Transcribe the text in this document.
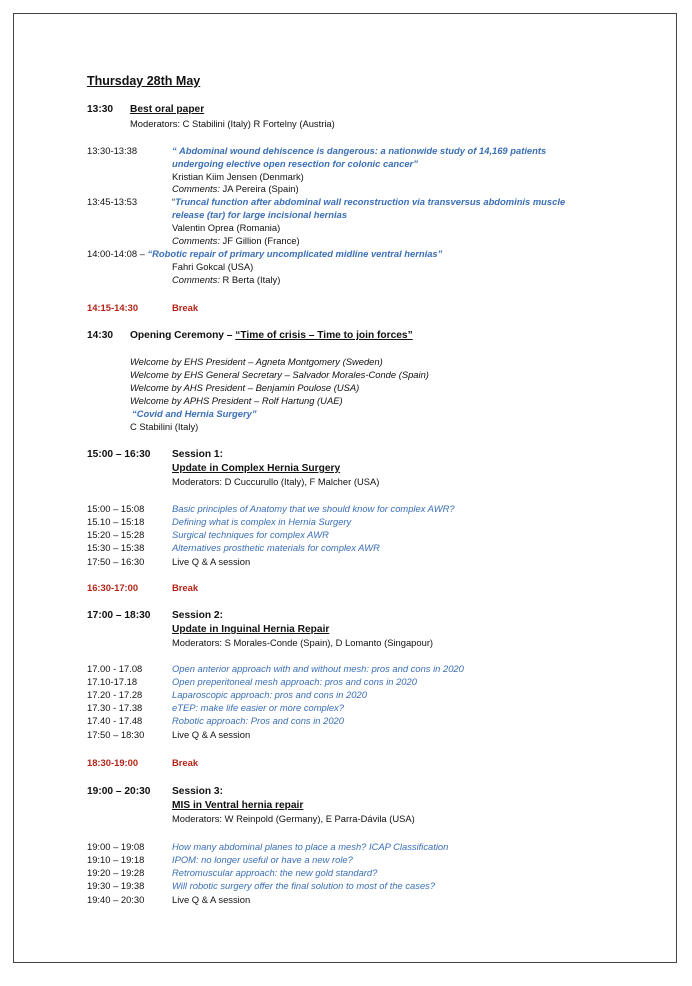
Thursday 28th May
13:30 Best oral paper
Moderators: C Stabilini (Italy) R Fortelny (Austria)
13:30-13:38	“ Abdominal wound dehiscence is dangerous: a nationwide study of 14,169 patients
undergoing elective open resection for colonic cancer”
Kristian Kiim Jensen (Denmark)
Comments: JA Pereira (Spain)
13:45-13:53	“Truncal function after abdominal wall reconstruction via transversus abdominis muscle
release (tar) for large incisional hernias
Valentin Oprea (Romania)
Comments: JF Gillion (France)
14:00-14:08 – “Robotic repair of primary uncomplicated midline ventral hernias”
Fahri Gokcal (USA)
Comments: R Berta (Italy)
14:15-14:30	Break
14:30 Opening Ceremony – “Time of crisis – Time to join forces”
Welcome by EHS President – Agneta Montgomery (Sweden)
Welcome by EHS General Secretary – Salvador Morales-Conde (Spain)
Welcome by AHS President – Benjamin Poulose (USA)
Welcome by APHS President – Rolf Hartung (UAE)
“Covid and Hernia Surgery”
C Stabilini (Italy)
15:00 – 16:30 Session 1:
Update in Complex Hernia Surgery
Moderators: D Cuccurullo (Italy), F Malcher (USA)
15:00 – 15:08	Basic principles of Anatomy that we should know for complex AWR?
15.10 – 15:18	Defining what is complex in Hernia Surgery
15:20 – 15:28	Surgical techniques for complex AWR
15:30 – 15:38	Alternatives prosthetic materials for complex AWR
17:50 – 16:30	Live Q & A session
16:30-17:00	Break
17:00 – 18:30 Session 2:
Update in Inguinal Hernia Repair
Moderators: S Morales-Conde (Spain), D Lomanto (Singapour)
17.00 - 17.08	Open anterior approach with and without mesh: pros and cons in 2020
17.10-17.18	Open preperitoneal mesh approach: pros and cons in 2020
17.20 - 17.28	Laparoscopic approach: pros and cons in 2020
17.30 - 17.38	eTEP: make life easier or more complex?
17.40 - 17.48	Robotic approach: Pros and cons in 2020
17:50 – 18:30	Live Q & A session
18:30-19:00	Break
19:00 – 20:30 Session 3:
MIS in Ventral hernia repair
Moderators: W Reinpold (Germany), E Parra-Dávila (USA)
19:00 – 19:08	How many abdominal planes to place a mesh? ICAP Classification
19:10 – 19:18	IPOM: no longer useful or have a new role?
19:20 – 19:28	Retromuscular approach: the new gold standard?
19:30 – 19:38	Will robotic surgery offer the final solution to most of the cases?
19:40 – 20:30	Live Q & A session
